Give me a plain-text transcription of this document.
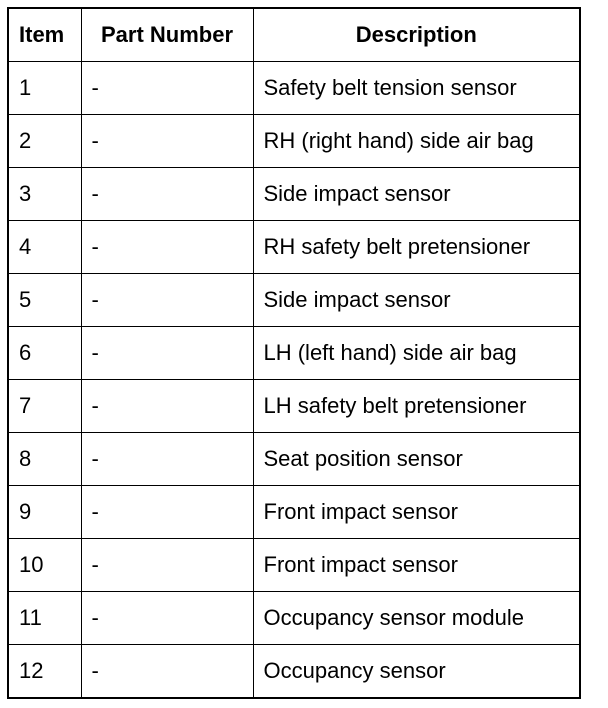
Item	Part Number	Description
1	-	Safety belt tension sensor
2	-	RH (right hand) side air bag
3	-	Side impact sensor
4	-	RH safety belt pretensioner
5	-	Side impact sensor
6	-	LH (left hand) side air bag
7	-	LH safety belt pretensioner
8	-	Seat position sensor
9	-	Front impact sensor
10	-	Front impact sensor
11	-	Occupancy sensor module
12	-	Occupancy sensor
